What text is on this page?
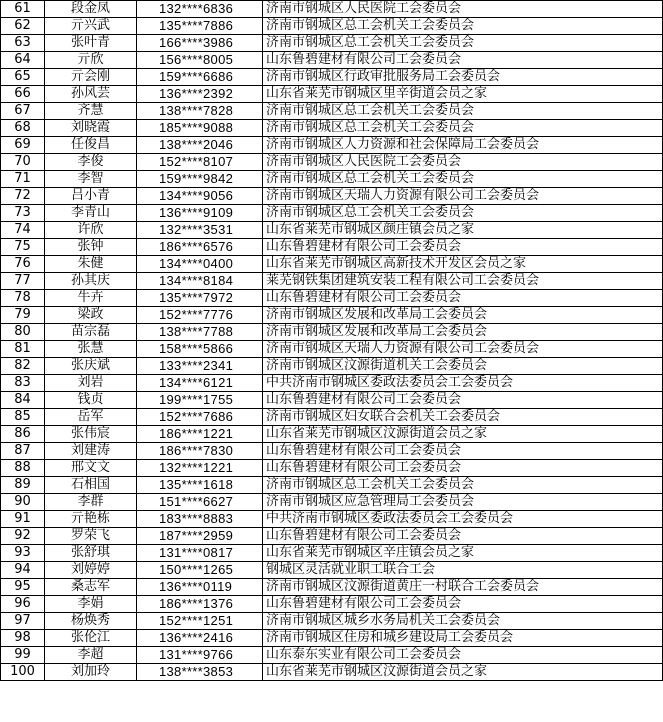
61	段金凤	132****6836	济南市钢城区人民医院工会委员会
62	亓兴武	135****7886	济南市钢城区总工会机关工会委员会
63	张叶青	166****3986	济南市钢城区总工会机关工会委员会
64	亓欣	156****8005	山东鲁碧建材有限公司工会委员会
65	亓会刚	159****6686	济南市钢城区行政审批服务局工会委员会
66	孙风芸	136****2392	山东省莱芜市钢城区里辛街道会员之家
67	齐慧	138****7828	济南市钢城区总工会机关工会委员会
68	刘晓霞	185****9088	济南市钢城区总工会机关工会委员会
69	任俊昌	138****2046	济南市钢城区人力资源和社会保障局工会委员会
70	李俊	152****8107	济南市钢城区人民医院工会委员会
71	李智	159****9842	济南市钢城区总工会机关工会委员会
72	吕小青	134****9056	济南市钢城区天瑞人力资源有限公司工会委员会
73	李青山	136****9109	济南市钢城区总工会机关工会委员会
74	许欣	132****3531	山东省莱芜市钢城区颜庄镇会员之家
75	张钟	186****6576	山东鲁碧建材有限公司工会委员会
76	朱健	134****0400	山东省莱芜市钢城区高新技术开发区会员之家
77	孙其庆	134****8184	莱芜钢铁集团建筑安装工程有限公司工会委员会
78	牛卉	135****7972	山东鲁碧建材有限公司工会委员会
79	梁政	152****7776	济南市钢城区发展和改革局工会委员会
80	苗宗磊	138****7788	济南市钢城区发展和改革局工会委员会
81	张慧	158****5866	济南市钢城区天瑞人力资源有限公司工会委员会
82	张庆斌	133****2341	济南市钢城区汶源街道机关工会委员会
83	刘岩	134****6121	中共济南市钢城区委政法委员会工会委员会
84	钱贞	199****1755	山东鲁碧建材有限公司工会委员会
85	岳军	152****7686	济南市钢城区妇女联合会机关工会委员会
86	张伟宸	186****1221	山东省莱芜市钢城区汶源街道会员之家
87	刘建涛	186****7830	山东鲁碧建材有限公司工会委员会
88	邢文文	132****1221	山东鲁碧建材有限公司工会委员会
89	石相国	135****1618	济南市钢城区总工会机关工会委员会
90	李群	151****6627	济南市钢城区应急管理局工会委员会
91	亓艳栋	183****8883	中共济南市钢城区委政法委员会工会委员会
92	罗荣飞	187****2959	山东鲁碧建材有限公司工会委员会
93	张舒琪	131****0817	山东省莱芜市钢城区辛庄镇会员之家
94	刘婷婷	150****1265	钢城区灵活就业职工联合工会
95	桑志军	136****0119	济南市钢城区汶源街道黄庄一村联合工会委员会
96	李娟	186****1376	山东鲁碧建材有限公司工会委员会
97	杨焕秀	152****1251	济南市钢城区城乡水务局机关工会委员会
98	张伦江	136****2416	济南市钢城区住房和城乡建设局工会委员会
99	李超	131****9766	山东泰东实业有限公司工会委员会
100	刘加玲	138****3853	山东省莱芜市钢城区汶源街道会员之家
